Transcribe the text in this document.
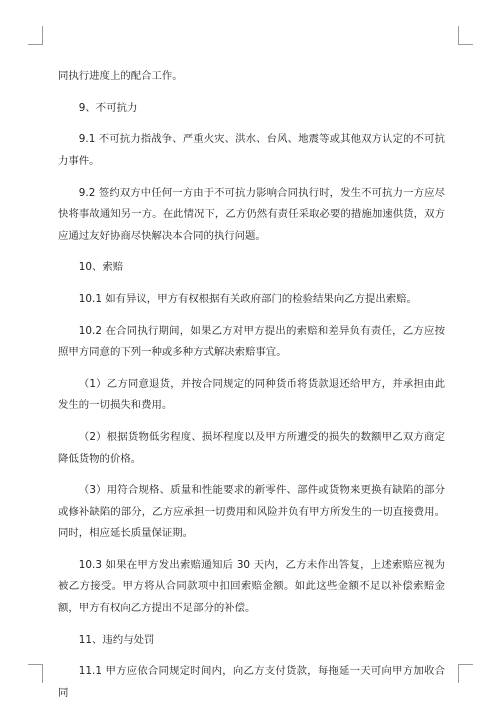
同执行进度上的配合工作。

9、不可抗力

9.1 不可抗力指战争、严重火灾、洪水、台风、地震等或其他双方认定的不可抗力事件。

9.2 签约双方中任何一方由于不可抗力影响合同执行时，发生不可抗力一方应尽快将事故通知另一方。在此情况下，乙方仍然有责任采取必要的措施加速供货，双方应通过友好协商尽快解决本合同的执行问题。

10、索赔

10.1 如有异议，甲方有权根据有关政府部门的检验结果向乙方提出索赔。

10.2 在合同执行期间，如果乙方对甲方提出的索赔和差异负有责任，乙方应按照甲方同意的下列一种或多种方式解决索赔事宜。

（1）乙方同意退货，并按合同规定的同种货币将货款退还给甲方，并承担由此发生的一切损失和费用。

（2）根据货物低劣程度、损坏程度以及甲方所遭受的损失的数额甲乙双方商定降低货物的价格。

（3）用符合规格、质量和性能要求的新零件、部件或货物来更换有缺陷的部分或修补缺陷的部分，乙方应承担一切费用和风险并负有甲方所发生的一切直接费用。同时，相应延长质量保证期。

10.3 如果在甲方发出索赔通知后 30 天内，乙方未作出答复，上述索赔应视为被乙方接受。甲方将从合同款项中扣回索赔金额。如此这些金额不足以补偿索赔金额，甲方有权向乙方提出不足部分的补偿。

11、违约与处罚

11.1 甲方应依合同规定时间内，向乙方支付货款，每拖延一天可向甲方加收合同
